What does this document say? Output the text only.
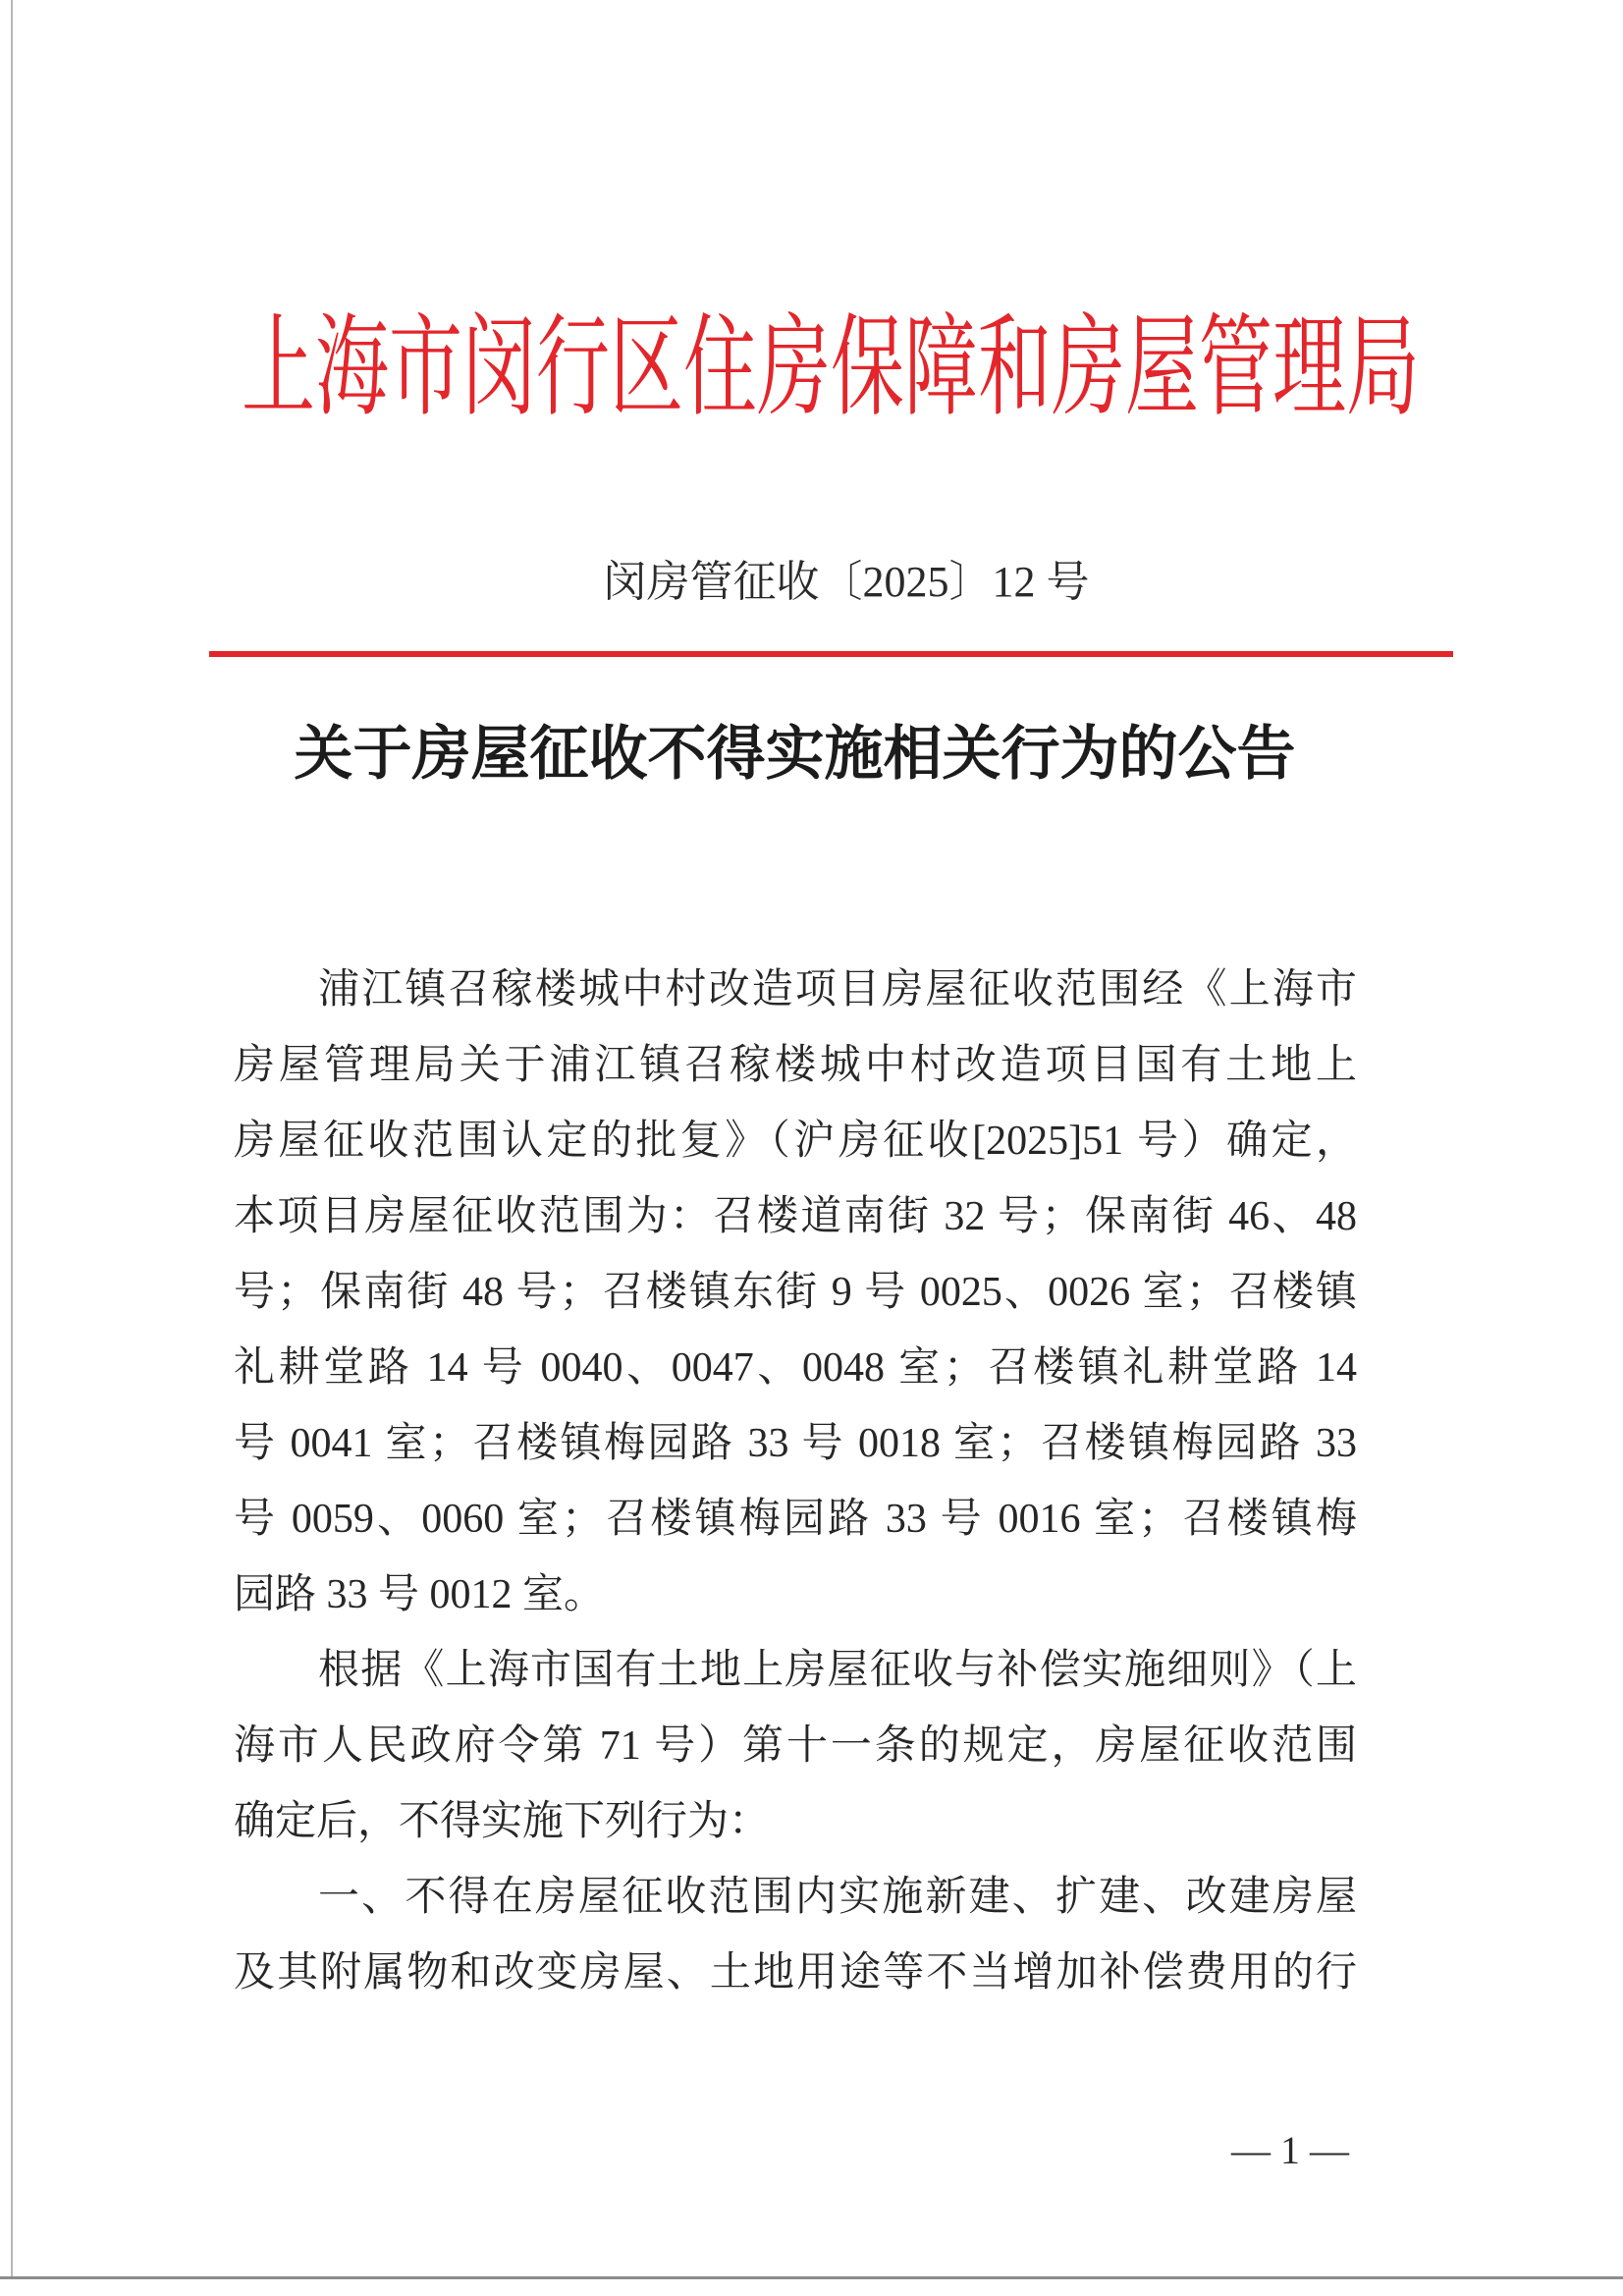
上海市闵行区住房保障和房屋管理局
闵房管征收〔2025〕12 号
关于房屋征收不得实施相关行为的公告
浦江镇召稼楼城中村改造项目房屋征收范围经《上海市
房屋管理局关于浦江镇召稼楼城中村改造项目国有土地上
房屋征收范围认定的批复》（沪房征收[2025]51 号）确定，
本项目房屋征收范围为：召楼道南街 32 号；保南街 46、48
号；保南街 48 号；召楼镇东街 9 号 0025、0026 室；召楼镇
礼耕堂路 14 号 0040、0047、0048 室；召楼镇礼耕堂路 14
号 0041 室；召楼镇梅园路 33 号 0018 室；召楼镇梅园路 33
号 0059、0060 室；召楼镇梅园路 33 号 0016 室；召楼镇梅
园路 33 号 0012 室。
根据《上海市国有土地上房屋征收与补偿实施细则》（上
海市人民政府令第 71 号）第十一条的规定，房屋征收范围
确定后，不得实施下列行为：
一、不得在房屋征收范围内实施新建、扩建、改建房屋
及其附属物和改变房屋、土地用途等不当增加补偿费用的行
— 1 —
